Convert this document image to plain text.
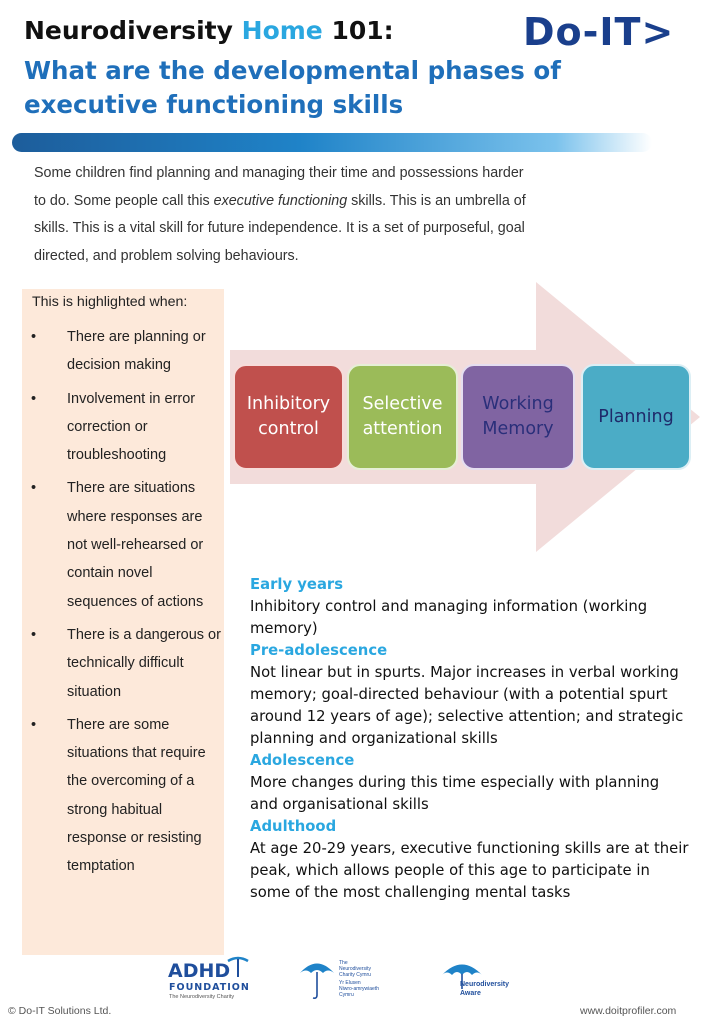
Neurodiversity Home 101:
What are the developmental phases of executive functioning skills
Do-IT>
Some children find planning and managing their time and possessions harder to do. Some people call this executive functioning skills. This is an umbrella of skills. This is a vital skill for future independence. It is a set of purposeful, goal directed, and problem solving behaviours.
This is highlighted when:
• There are planning or decision making
• Involvement in error correction or troubleshooting
• There are situations where responses are not well-rehearsed or contain novel sequences of actions
• There is a dangerous or technically difficult situation
• There are some situations that require the overcoming of a strong habitual response or resisting temptation
Inhibitory control
Selective attention
Working Memory
Planning
Early years
Inhibitory control and managing information (working memory)
Pre-adolescence
Not linear but in spurts. Major increases in verbal working memory; goal-directed behaviour (with a potential spurt around 12 years of age); selective attention; and strategic planning and organizational skills
Adolescence
More changes during this time especially with planning and organisational skills
Adulthood
At age 20-29 years, executive functioning skills are at their peak, which allows people of this age to participate in some of the most challenging mental tasks
ADHD
FOUNDATION
The Neurodiversity Charity
The
Neurodiversity
Charity Cymru
Yr Elusen
Niwro-amrywiaeth
Cymru
Neurodiversity
Aware
© Do-IT Solutions Ltd.	www.doitprofiler.com
